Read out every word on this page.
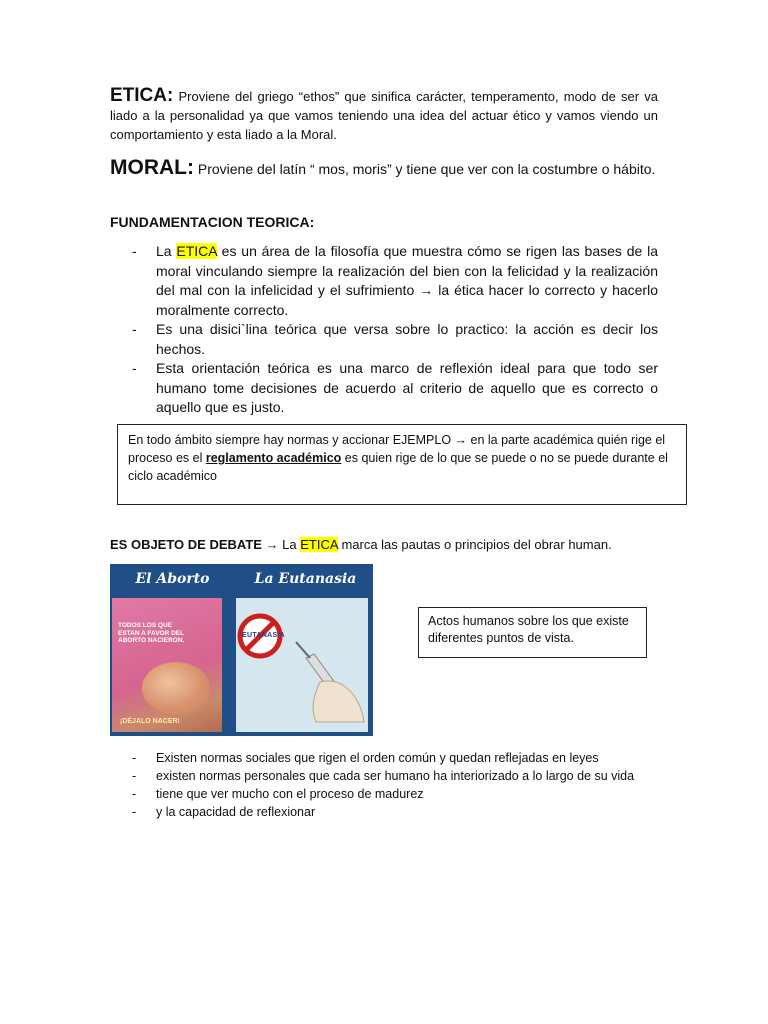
ETICA: Proviene del griego “ethos” que sinifica carácter, temperamento, modo de ser va liado a la personalidad ya que vamos teniendo una idea del actuar ético y vamos viendo un comportamiento y esta liado a la Moral.

MORAL: Proviene del latín “ mos, moris” y tiene que ver con la costumbre o hábito.

FUNDAMENTACION TEORICA:
- La ETICA es un área de la filosofía que muestra cómo se rigen las bases de la moral vinculando siempre la realización del bien con la felicidad y la realización del mal con la infelicidad y el sufrimiento → la ética hacer lo correcto y hacerlo moralmente correcto.
- Es una disici`lina teórica que versa sobre lo practico: la acción es decir los hechos.
- Esta orientación teórica es una marco de reflexión ideal para que todo ser humano tome decisiones de acuerdo al criterio de aquello que es correcto o aquello que es justo.
En todo ámbito siempre hay normas y accionar EJEMPLO → en la parte académica quién rige el proceso es el reglamento académico es quien rige de lo que se puede o no se puede durante el ciclo académico
ES OBJETO DE DEBATE → La ETICA marca las pautas o principios del obrar human.
El Aborto	La Eutanasia
TODOS LOS QUE ESTAN A FAVOR DEL ABORTO NACIERON.
¡DÉJALO NACER!
EUTANASIA
Actos humanos sobre los que existe diferentes puntos de vista.
- Existen normas sociales que rigen el orden común y quedan reflejadas en leyes
- existen normas personales que cada ser humano ha interiorizado a lo largo de su vida
- tiene que ver mucho con el proceso de madurez
- y la capacidad de reflexionar
